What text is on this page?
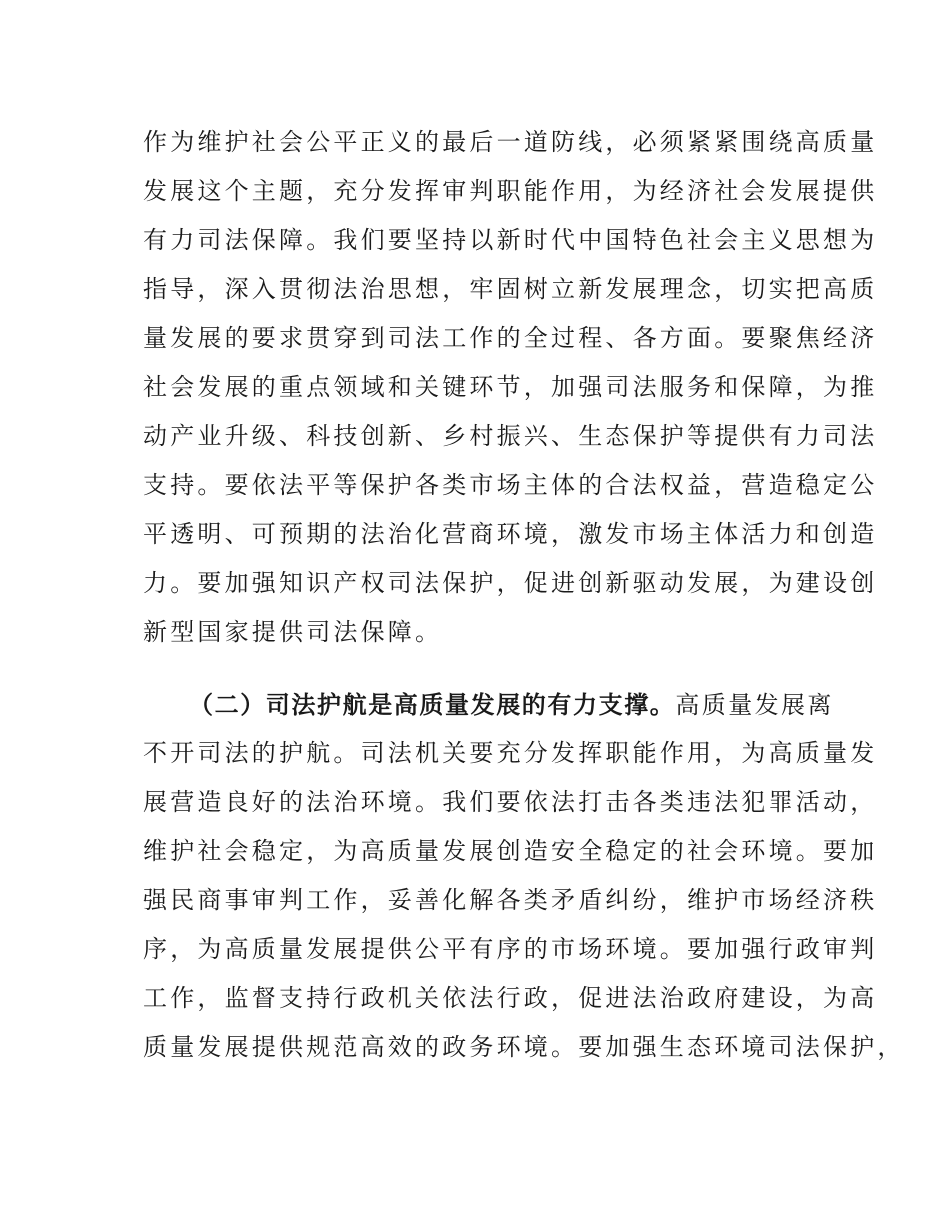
作为维护社会公平正义的最后一道防线，必须紧紧围绕高质量
发展这个主题，充分发挥审判职能作用，为经济社会发展提供
有力司法保障。我们要坚持以新时代中国特色社会主义思想为
指导，深入贯彻法治思想，牢固树立新发展理念，切实把高质
量发展的要求贯穿到司法工作的全过程、各方面。要聚焦经济
社会发展的重点领域和关键环节，加强司法服务和保障，为推
动产业升级、科技创新、乡村振兴、生态保护等提供有力司法
支持。要依法平等保护各类市场主体的合法权益，营造稳定公
平透明、可预期的法治化营商环境，激发市场主体活力和创造
力。要加强知识产权司法保护，促进创新驱动发展，为建设创
新型国家提供司法保障。
（二）司法护航是高质量发展的有力支撑。高质量发展离
不开司法的护航。司法机关要充分发挥职能作用，为高质量发
展营造良好的法治环境。我们要依法打击各类违法犯罪活动，
维护社会稳定，为高质量发展创造安全稳定的社会环境。要加
强民商事审判工作，妥善化解各类矛盾纠纷，维护市场经济秩
序，为高质量发展提供公平有序的市场环境。要加强行政审判
工作，监督支持行政机关依法行政，促进法治政府建设，为高
质量发展提供规范高效的政务环境。要加强生态环境司法保护，
